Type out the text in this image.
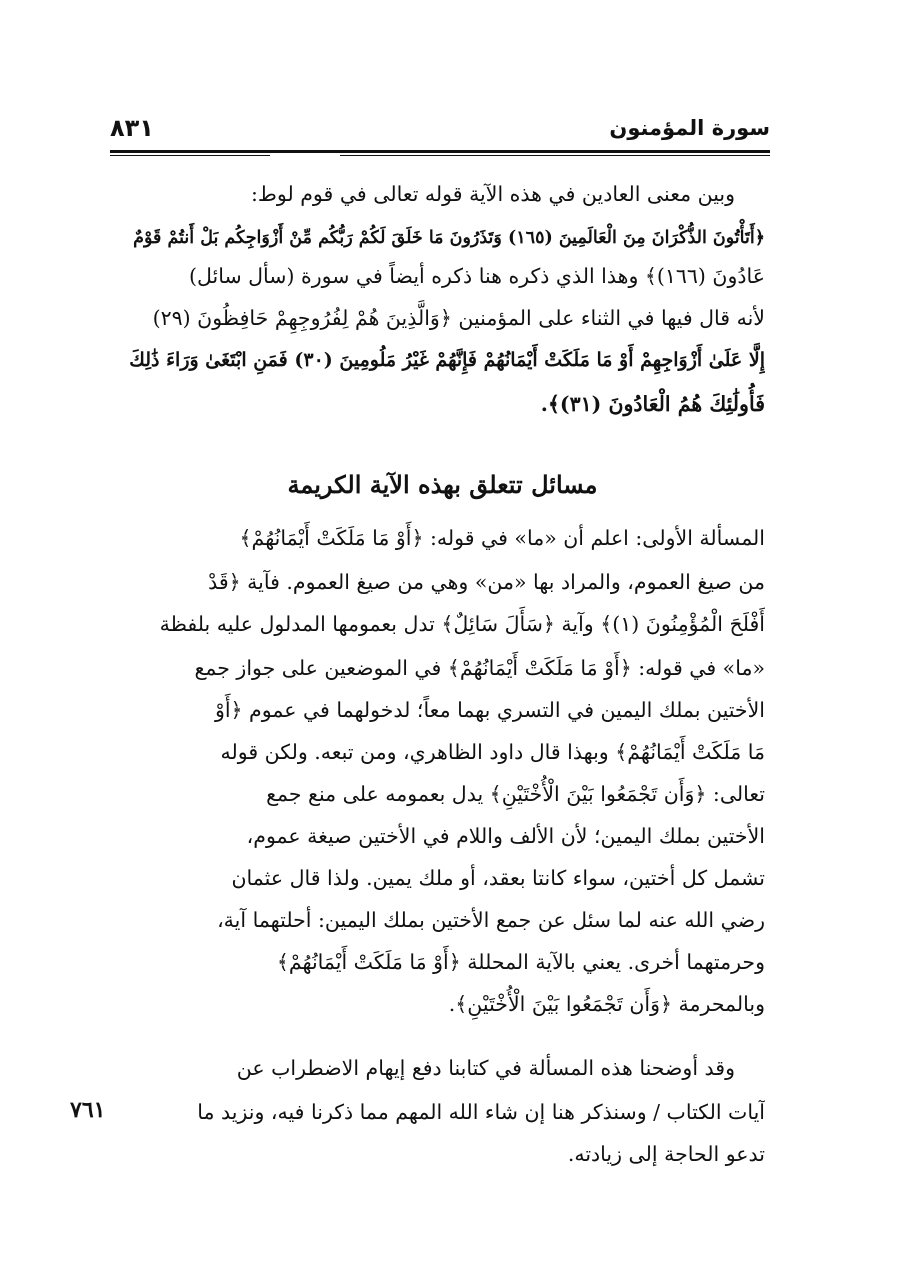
سورة المؤمنون
٨٣١
وبين معنى العادين في هذه الآية قوله تعالى في قوم لوط:
﴿أَتَأْتُونَ الذُّكْرَانَ مِنَ الْعَالَمِينَ (١٦٥) وَتَذَرُونَ مَا خَلَقَ لَكُمْ رَبُّكُم مِّنْ أَزْوَاجِكُم بَلْ أَنتُمْ قَوْمٌ
عَادُونَ (١٦٦)﴾ وهذا الذي ذكره هنا ذكره أيضاً في سورة (سأل سائل)
لأنه قال فيها في الثناء على المؤمنين ﴿وَالَّذِينَ هُمْ لِفُرُوجِهِمْ حَافِظُونَ (٢٩)
إِلَّا عَلَىٰ أَزْوَاجِهِمْ أَوْ مَا مَلَكَتْ أَيْمَانُهُمْ فَإِنَّهُمْ غَيْرُ مَلُومِينَ (٣٠) فَمَنِ ابْتَغَىٰ وَرَاءَ ذَٰلِكَ
فَأُولَٰئِكَ هُمُ الْعَادُونَ (٣١)﴾.
مسائل تتعلق بهذه الآية الكريمة
المسألة الأولى: اعلم أن «ما» في قوله: ﴿أَوْ مَا مَلَكَتْ أَيْمَانُهُمْ﴾
من صيغ العموم، والمراد بها «من» وهي من صيغ العموم. فآية ﴿قَدْ
أَفْلَحَ الْمُؤْمِنُونَ (١)﴾ وآية ﴿سَأَلَ سَائِلٌ﴾ تدل بعمومها المدلول عليه بلفظة
«ما» في قوله: ﴿أَوْ مَا مَلَكَتْ أَيْمَانُهُمْ﴾ في الموضعين على جواز جمع
الأختين بملك اليمين في التسري بهما معاً؛ لدخولهما في عموم ﴿أَوْ
مَا مَلَكَتْ أَيْمَانُهُمْ﴾ وبهذا قال داود الظاهري، ومن تبعه. ولكن قوله
تعالى: ﴿وَأَن تَجْمَعُوا بَيْنَ الْأُخْتَيْنِ﴾ يدل بعمومه على منع جمع
الأختين بملك اليمين؛ لأن الألف واللام في الأختين صيغة عموم،
تشمل كل أختين، سواء كانتا بعقد، أو ملك يمين. ولذا قال عثمان
رضي الله عنه لما سئل عن جمع الأختين بملك اليمين: أحلتهما آية،
وحرمتهما أخرى. يعني بالآية المحللة ﴿أَوْ مَا مَلَكَتْ أَيْمَانُهُمْ﴾
وبالمحرمة ﴿وَأَن تَجْمَعُوا بَيْنَ الْأُخْتَيْنِ﴾.
وقد أوضحنا هذه المسألة في كتابنا دفع إيهام الاضطراب عن
آيات الكتاب / وسنذكر هنا إن شاء الله المهم مما ذكرنا فيه، ونزيد ما
تدعو الحاجة إلى زيادته.
٧٦١
